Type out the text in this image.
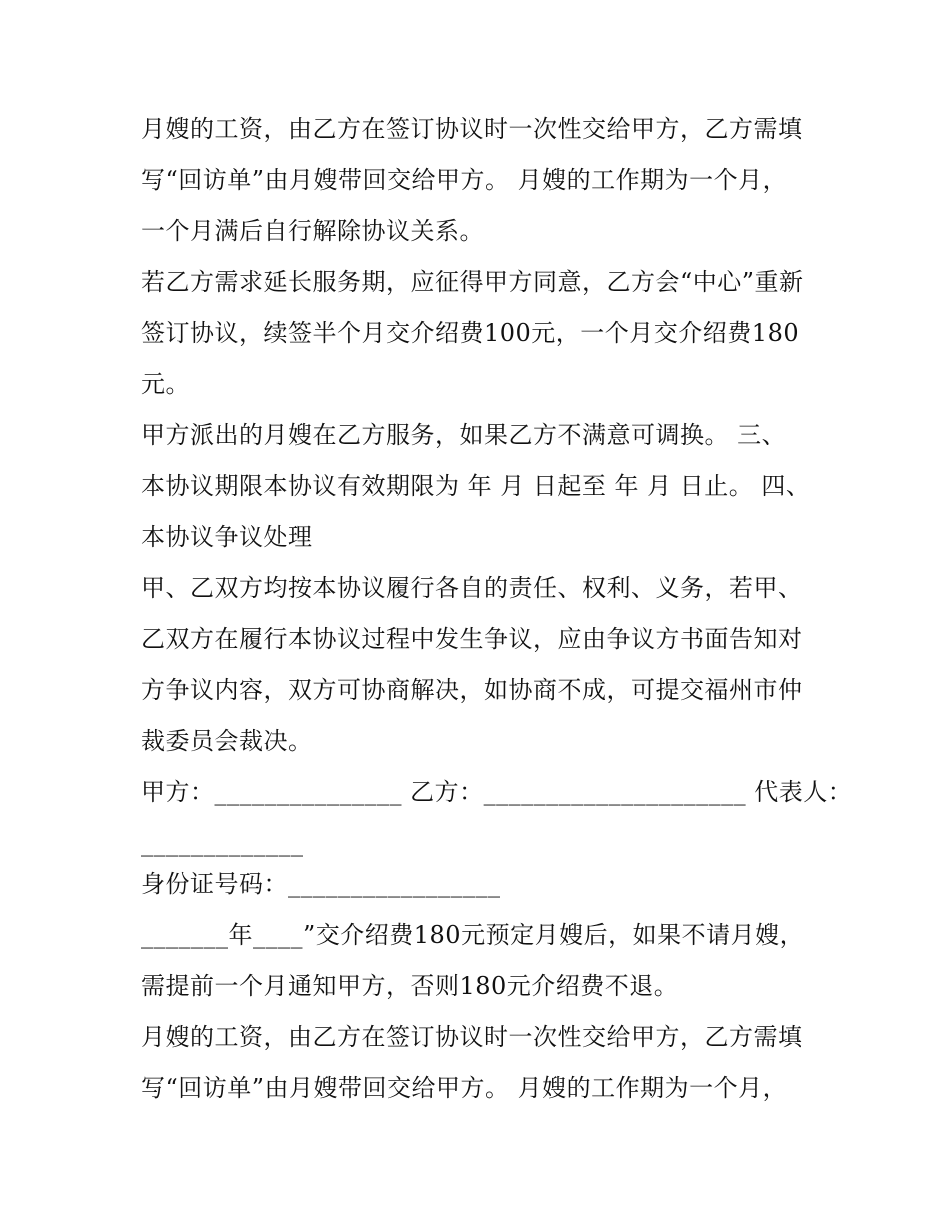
月嫂的工资，由乙方在签订协议时一次性交给甲方，乙方需填
写“回访单”由月嫂带回交给甲方。 月嫂的工作期为一个月，
一个月满后自行解除协议关系。
若乙方需求延长服务期，应征得甲方同意，乙方会“中心”重新
签订协议，续签半个月交介绍费100元，一个月交介绍费180
元。
甲方派出的月嫂在乙方服务，如果乙方不满意可调换。 三、
本协议期限本协议有效期限为 年 月 日起至 年 月 日止。 四、
本协议争议处理
甲、乙双方均按本协议履行各自的责任、权利、义务，若甲、
乙双方在履行本协议过程中发生争议，应由争议方书面告知对
方争议内容，双方可协商解决，如协商不成，可提交福州市仲
裁委员会裁决。
甲方：_______________ 乙方：_____________________ 代表人：
_____________
身份证号码：_________________
_______年____”交介绍费180元预定月嫂后，如果不请月嫂，
需提前一个月通知甲方，否则180元介绍费不退。
月嫂的工资，由乙方在签订协议时一次性交给甲方，乙方需填
写“回访单”由月嫂带回交给甲方。 月嫂的工作期为一个月，
